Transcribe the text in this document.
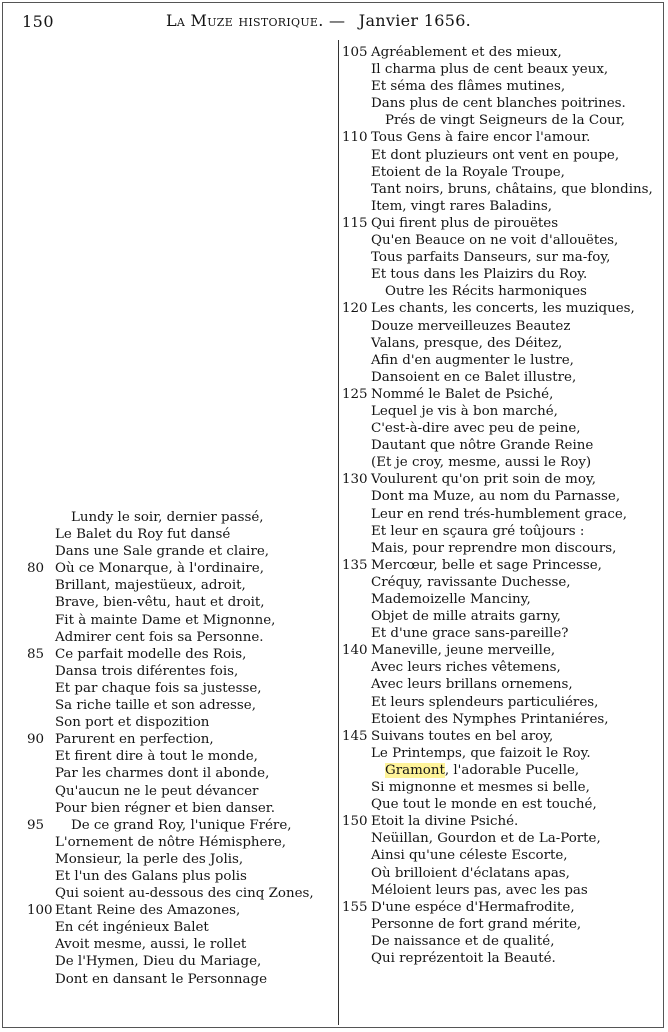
150	La Muze historique. — Janvier 1656.
Lundy le soir, dernier passé,
Le Balet du Roy fut dansé
Dans une Sale grande et claire,
80 Où ce Monarque, à l'ordinaire,
Brillant, majestüeux, adroit,
Brave, bien-vêtu, haut et droit,
Fit à mainte Dame et Mignonne,
Admirer cent fois sa Personne.
85 Ce parfait modelle des Rois,
Dansa trois diférentes fois,
Et par chaque fois sa justesse,
Sa riche taille et son adresse,
Son port et dispozition
90 Parurent en perfection,
Et firent dire à tout le monde,
Par les charmes dont il abonde,
Qu'aucun ne le peut dévancer
Pour bien régner et bien danser.
95	De ce grand Roy, l'unique Frére,
L'ornement de nôtre Hémisphere,
Monsieur, la perle des Jolis,
Et l'un des Galans plus polis
Qui soient au-dessous des cinq Zones,
100 Etant Reine des Amazones,
En cét ingénieux Balet
Avoit mesme, aussi, le rollet
De l'Hymen, Dieu du Mariage,
Dont en dansant le Personnage
105 Agréablement et des mieux,
Il charma plus de cent beaux yeux,
Et séma des flâmes mutines,
Dans plus de cent blanches poitrines.
Prés de vingt Seigneurs de la Cour,
110 Tous Gens à faire encor l'amour.
Et dont pluzieurs ont vent en poupe,
Etoient de la Royale Troupe,
Tant noirs, bruns, châtains, que blondins,
Item, vingt rares Baladins,
115 Qui firent plus de pirouëtes
Qu'en Beauce on ne voit d'allouëtes,
Tous parfaits Danseurs, sur ma-foy,
Et tous dans les Plaizirs du Roy.
Outre les Récits harmoniques
120 Les chants, les concerts, les muziques,
Douze merveilleuzes Beautez
Valans, presque, des Déitez,
Afin d'en augmenter le lustre,
Dansoient en ce Balet illustre,
125 Nommé le Balet de Psiché,
Lequel je vis à bon marché,
C'est-à-dire avec peu de peine,
Dautant que nôtre Grande Reine
(Et je croy, mesme, aussi le Roy)
130 Voulurent qu'on prit soin de moy,
Dont ma Muze, au nom du Parnasse,
Leur en rend trés-humblement grace,
Et leur en sçaura gré toûjours :
Mais, pour reprendre mon discours,
135 Mercœur, belle et sage Princesse,
Créquy, ravissante Duchesse,
Mademoizelle Manciny,
Objet de mille atraits garny,
Et d'une grace sans-pareille?
140 Maneville, jeune merveille,
Avec leurs riches vêtemens,
Avec leurs brillans ornemens,
Et leurs splendeurs particuliéres,
Etoient des Nymphes Printaniéres,
145 Suivans toutes en bel aroy,
Le Printemps, que faizoit le Roy.
Gramont, l'adorable Pucelle,
Si mignonne et mesmes si belle,
Que tout le monde en est touché,
150 Etoit la divine Psiché.
Neüillan, Gourdon et de La-Porte,
Ainsi qu'une céleste Escorte,
Où brilloient d'éclatans apas,
Méloient leurs pas, avec les pas
155 D'une espéce d'Hermafrodite,
Personne de fort grand mérite,
De naissance et de qualité,
Qui reprézentoit la Beauté.
